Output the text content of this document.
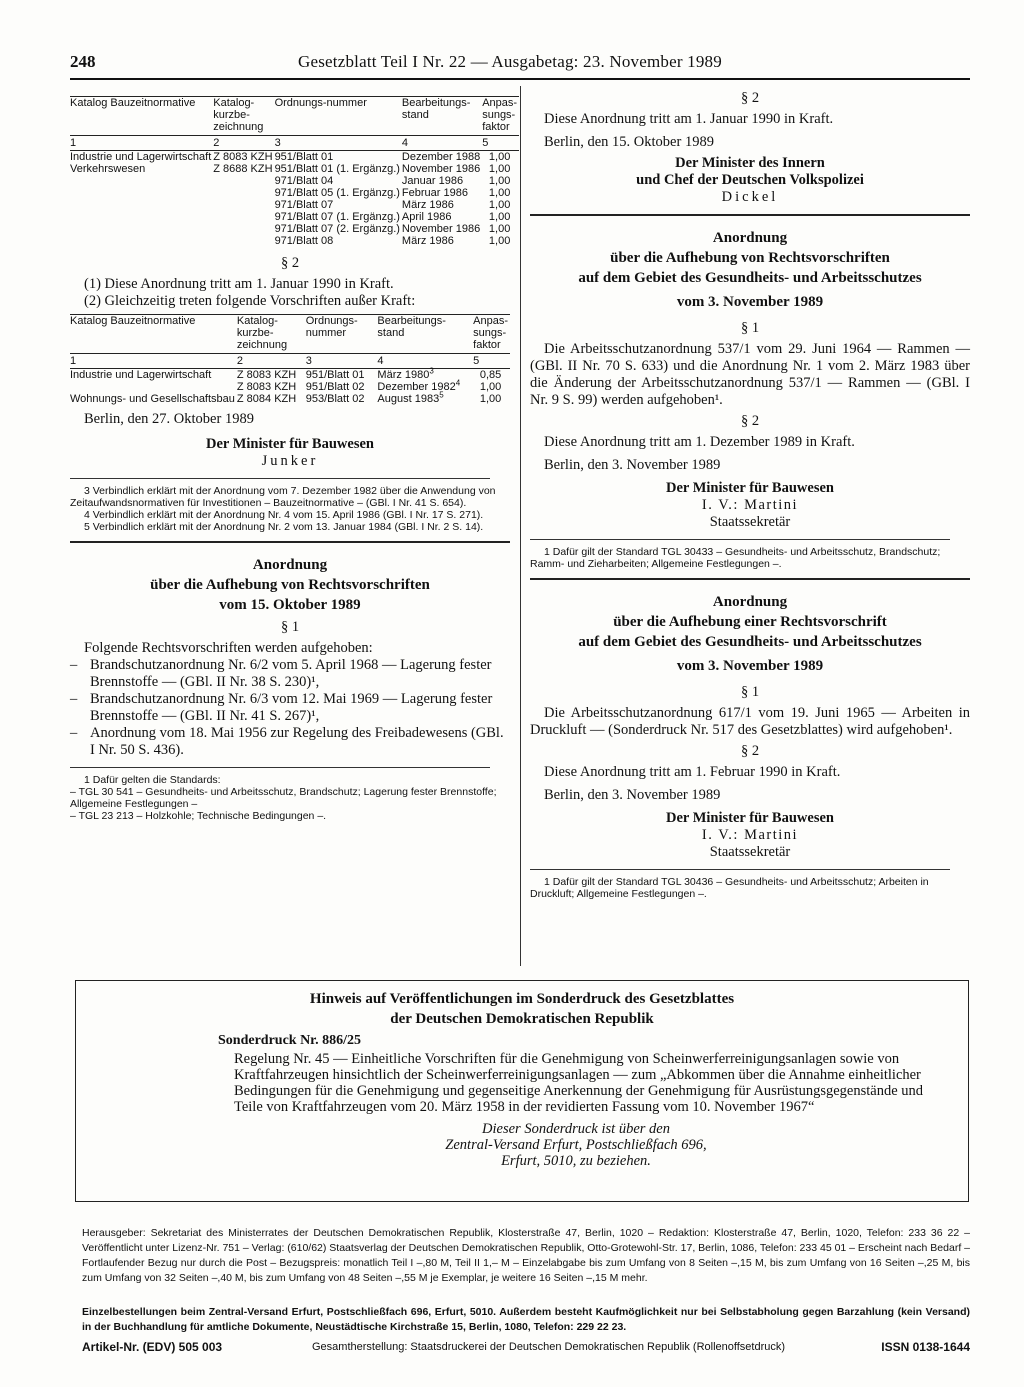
248	Gesetzblatt Teil I Nr. 22 — Ausgabetag: 23. November 1989
Katalog Bauzeitnormative	Katalog-kurzbe-zeichnung	Ordnungs-nummer	Bearbeitungs-stand	Anpas-sungs-faktor
1	2	3	4	5
Industrie und Lagerwirtschaft	Z 8083 KZH	951/Blatt 01	Dezember 1988	1,00
Verkehrswesen	Z 8688 KZH	951/Blatt 01 (1. Ergänzg.)	November 1986	1,00
		971/Blatt 04	Januar 1986	1,00
		971/Blatt 05 (1. Ergänzg.)	Februar 1986	1,00
		971/Blatt 07	März 1986	1,00
		971/Blatt 07 (1. Ergänzg.)	April 1986	1,00
		971/Blatt 07 (2. Ergänzg.)	November 1986	1,00
		971/Blatt 08	März 1986	1,00

§ 2

(1) Diese Anordnung tritt am 1. Januar 1990 in Kraft.

(2) Gleichzeitig treten folgende Vorschriften außer Kraft:

Katalog Bauzeitnormative	Katalog-kurzbe-zeichnung	Ordnungs-nummer	Bearbeitungs-stand	Anpas-sungs-faktor
1	2	3	4	5
Industrie und Lagerwirtschaft	Z 8083 KZH	951/Blatt 01	März 1980$^3$	0,85
	Z 8083 KZH	951/Blatt 02	Dezember 1982$^4$	1,00
Wohnungs- und Gesellschaftsbau	Z 8084 KZH	953/Blatt 02	August 1983$^5$	1,00

Berlin, den 27. Oktober 1989

Der Minister für Bauwesen

Junker

3 Verbindlich erklärt mit der Anordnung vom 7. Dezember 1982 über die Anwendung von Zeitaufwandsnormativen für Investitionen – Bauzeitnormative – (GBl. I Nr. 41 S. 654).

4 Verbindlich erklärt mit der Anordnung Nr. 4 vom 15. April 1986 (GBl. I Nr. 17 S. 271).

5 Verbindlich erklärt mit der Anordnung Nr. 2 vom 13. Januar 1984 (GBl. I Nr. 2 S. 14).

Anordnung

über die Aufhebung von Rechtsvorschriften

vom 15. Oktober 1989

§ 1

Folgende Rechtsvorschriften werden aufgehoben:

– Brandschutzanordnung Nr. 6/2 vom 5. April 1968 — Lagerung fester Brennstoffe — (GBl. II Nr. 38 S. 230)¹,
– Brandschutzanordnung Nr. 6/3 vom 12. Mai 1969 — Lagerung fester Brennstoffe — (GBl. II Nr. 41 S. 267)¹,
– Anordnung vom 18. Mai 1956 zur Regelung des Freibadewesens (GBl. I Nr. 50 S. 436).

1 Dafür gelten die Standards:

– TGL 30 541 – Gesundheits- und Arbeitsschutz, Brandschutz; Lagerung fester Brennstoffe; Allgemeine Festlegungen –

– TGL 23 213 – Holzkohle; Technische Bedingungen –.

§ 2

Diese Anordnung tritt am 1. Januar 1990 in Kraft.

Berlin, den 15. Oktober 1989

Der Minister des Innern

und Chef der Deutschen Volkspolizei

Dickel

Anordnung

über die Aufhebung von Rechtsvorschriften

auf dem Gebiet des Gesundheits- und Arbeitsschutzes

vom 3. November 1989

§ 1

Die Arbeitsschutzanordnung 537/1 vom 29. Juni 1964 — Rammen — (GBl. II Nr. 70 S. 633) und die Anordnung Nr. 1 vom 2. März 1983 über die Änderung der Arbeitsschutzanordnung 537/1 — Rammen — (GBl. I Nr. 9 S. 99) werden aufgehoben¹.

§ 2

Diese Anordnung tritt am 1. Dezember 1989 in Kraft.

Berlin, den 3. November 1989

Der Minister für Bauwesen

I. V.: Martini

Staatssekretär

1 Dafür gilt der Standard TGL 30433 – Gesundheits- und Arbeitsschutz, Brandschutz; Ramm- und Zieharbeiten; Allgemeine Festlegungen –.

Anordnung

über die Aufhebung einer Rechtsvorschrift

auf dem Gebiet des Gesundheits- und Arbeitsschutzes

vom 3. November 1989

§ 1

Die Arbeitsschutzanordnung 617/1 vom 19. Juni 1965 — Arbeiten in Druckluft — (Sonderdruck Nr. 517 des Gesetzblattes) wird aufgehoben¹.

§ 2

Diese Anordnung tritt am 1. Februar 1990 in Kraft.

Berlin, den 3. November 1989

Der Minister für Bauwesen

I. V.: Martini

Staatssekretär

1 Dafür gilt der Standard TGL 30436 – Gesundheits- und Arbeitsschutz; Arbeiten in Druckluft; Allgemeine Festlegungen –.

Hinweis auf Veröffentlichungen im Sonderdruck des Gesetzblattes
der Deutschen Demokratischen Republik
Sonderdruck Nr. 886/25
Regelung Nr. 45 — Einheitliche Vorschriften für die Genehmigung von Scheinwerferreinigungsanlagen sowie von Kraftfahrzeugen hinsichtlich der Scheinwerferreinigungsanlagen — zum „Abkommen über die Annahme einheitlicher Bedingungen für die Genehmigung und gegenseitige Anerkennung der Genehmigung für Ausrüstungsgegenstände und Teile von Kraftfahrzeugen vom 20. März 1958 in der revidierten Fassung vom 10. November 1967“
Dieser Sonderdruck ist über den
Zentral-Versand Erfurt, Postschließfach 696,
Erfurt, 5010, zu beziehen.
Herausgeber: Sekretariat des Ministerrates der Deutschen Demokratischen Republik, Klosterstraße 47, Berlin, 1020 – Redaktion: Klosterstraße 47, Berlin, 1020, Telefon: 233 36 22 – Veröffentlicht unter Lizenz-Nr. 751 – Verlag: (610/62) Staatsverlag der Deutschen Demokratischen Republik, Otto-Grotewohl-Str. 17, Berlin, 1086, Telefon: 233 45 01 – Erscheint nach Bedarf – Fortlaufender Bezug nur durch die Post – Bezugspreis: monatlich Teil I –,80 M, Teil II 1,– M – Einzelabgabe bis zum Umfang von 8 Seiten –,15 M, bis zum Umfang von 16 Seiten –,25 M, bis zum Umfang von 32 Seiten –,40 M, bis zum Umfang von 48 Seiten –,55 M je Exemplar, je weitere 16 Seiten –,15 M mehr.
Einzelbestellungen beim Zentral-Versand Erfurt, Postschließfach 696, Erfurt, 5010. Außerdem besteht Kaufmöglichkeit nur bei Selbstabholung gegen Barzahlung (kein Versand) in der Buchhandlung für amtliche Dokumente, Neustädtische Kirchstraße 15, Berlin, 1080, Telefon: 229 22 23.
Artikel-Nr. (EDV) 505 003	Gesamtherstellung: Staatsdruckerei der Deutschen Demokratischen Republik (Rollenoffsetdruck)	ISSN 0138-1644
